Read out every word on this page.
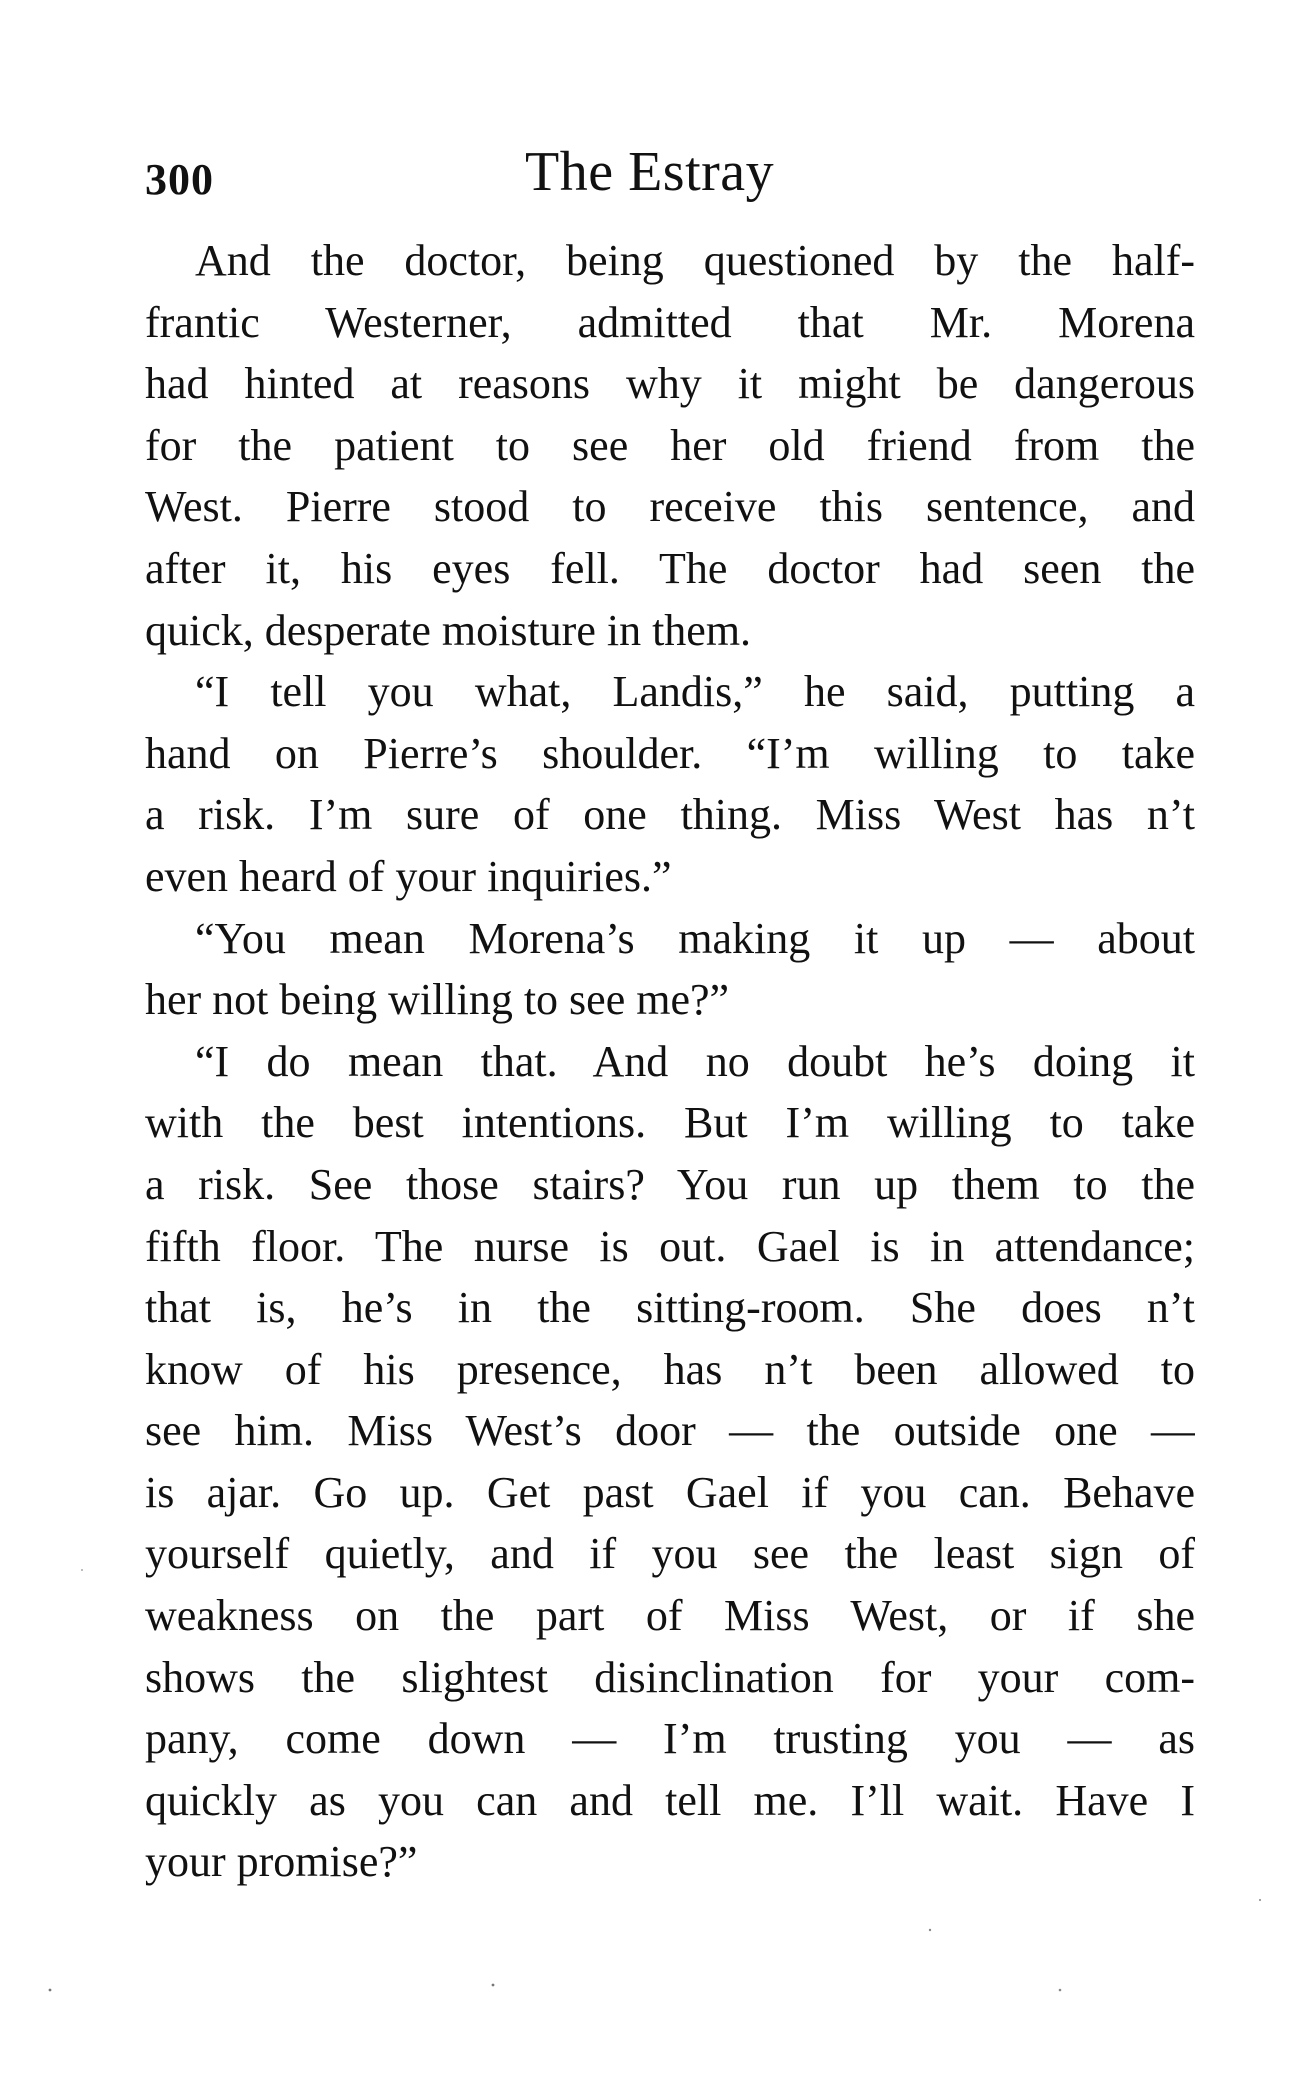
300	The Estray
And the doctor, being questioned by the half-
frantic Westerner, admitted that Mr. Morena
had hinted at reasons why it might be dangerous
for the patient to see her old friend from the
West. Pierre stood to receive this sentence, and
after it, his eyes fell. The doctor had seen the
quick, desperate moisture in them.
“I tell you what, Landis,” he said, putting a
hand on Pierre’s shoulder. “I’m willing to take
a risk. I’m sure of one thing. Miss West has n’t
even heard of your inquiries.”
“You mean Morena’s making it up — about
her not being willing to see me?”
“I do mean that. And no doubt he’s doing it
with the best intentions. But I’m willing to take
a risk. See those stairs? You run up them to the
fifth floor. The nurse is out. Gael is in attendance;
that is, he’s in the sitting-room. She does n’t
know of his presence, has n’t been allowed to
see him. Miss West’s door — the outside one —
is ajar. Go up. Get past Gael if you can. Behave
yourself quietly, and if you see the least sign of
weakness on the part of Miss West, or if she
shows the slightest disinclination for your com-
pany, come down — I’m trusting you — as
quickly as you can and tell me. I’ll wait. Have I
your promise?”
